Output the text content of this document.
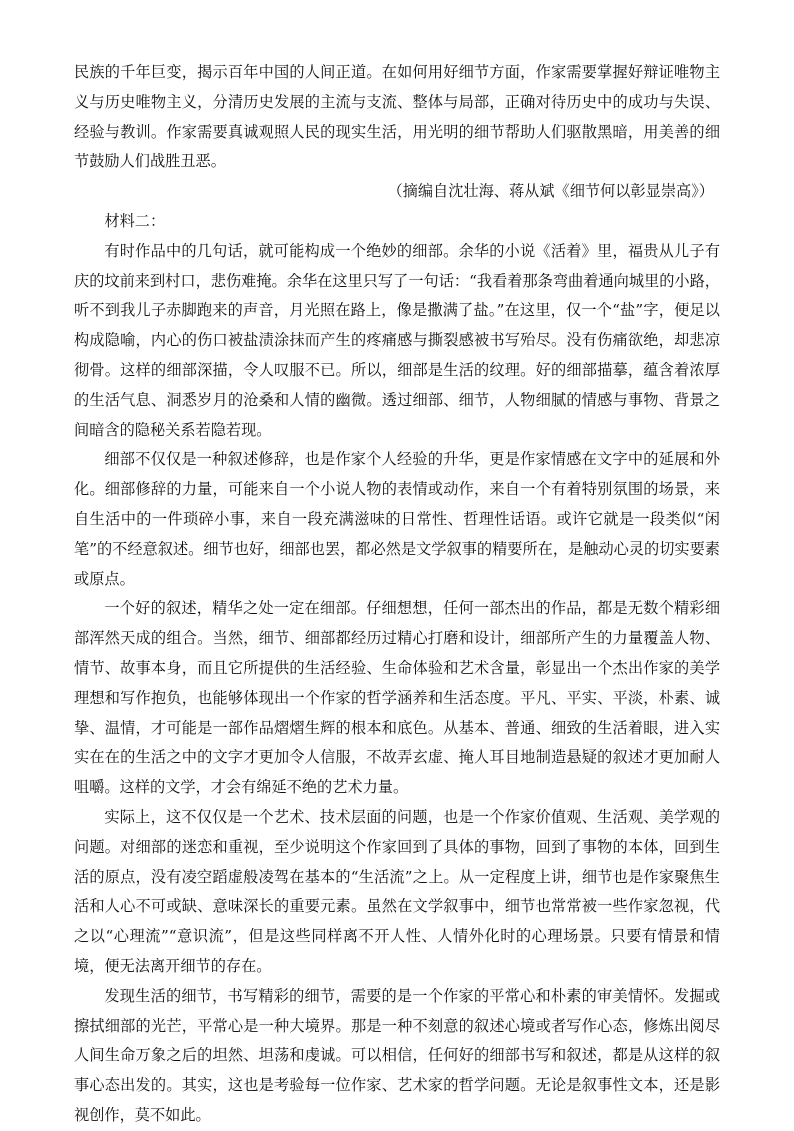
民族的千年巨变，揭示百年中国的人间正道。在如何用好细节方面，作家需要掌握好辩证唯物主义与历史唯物主义，分清历史发展的主流与支流、整体与局部，正确对待历史中的成功与失误、经验与教训。作家需要真诚观照人民的现实生活，用光明的细节帮助人们驱散黑暗，用美善的细节鼓励人们战胜丑恶。

（摘编自沈壮海、蒋从斌《细节何以彰显崇高》）

材料二：

有时作品中的几句话，就可能构成一个绝妙的细部。余华的小说《活着》里，福贵从儿子有庆的坟前来到村口，悲伤难掩。余华在这里只写了一句话：“我看着那条弯曲着通向城里的小路，听不到我儿子赤脚跑来的声音，月光照在路上，像是撒满了盐。”在这里，仅一个“盐”字，便足以构成隐喻，内心的伤口被盐渍涂抹而产生的疼痛感与撕裂感被书写殆尽。没有伤痛欲绝，却悲凉彻骨。这样的细部深描，令人叹服不已。所以，细部是生活的纹理。好的细部描摹，蕴含着浓厚的生活气息、洞悉岁月的沧桑和人情的幽微。透过细部、细节，人物细腻的情感与事物、背景之间暗含的隐秘关系若隐若现。

细部不仅仅是一种叙述修辞，也是作家个人经验的升华，更是作家情感在文字中的延展和外化。细部修辞的力量，可能来自一个小说人物的表情或动作，来自一个有着特别氛围的场景，来自生活中的一件琐碎小事，来自一段充满滋味的日常性、哲理性话语。或许它就是一段类似“闲笔”的不经意叙述。细节也好，细部也罢，都必然是文学叙事的精要所在，是触动心灵的切实要素或原点。

一个好的叙述，精华之处一定在细部。仔细想想，任何一部杰出的作品，都是无数个精彩细部浑然天成的组合。当然，细节、细部都经历过精心打磨和设计，细部所产生的力量覆盖人物、情节、故事本身，而且它所提供的生活经验、生命体验和艺术含量，彰显出一个杰出作家的美学理想和写作抱负，也能够体现出一个作家的哲学涵养和生活态度。平凡、平实、平淡，朴素、诚挚、温情，才可能是一部作品熠熠生辉的根本和底色。从基本、普通、细致的生活着眼，进入实实在在的生活之中的文字才更加令人信服，不故弄玄虚、掩人耳目地制造悬疑的叙述才更加耐人咀嚼。这样的文学，才会有绵延不绝的艺术力量。

实际上，这不仅仅是一个艺术、技术层面的问题，也是一个作家价值观、生活观、美学观的问题。对细部的迷恋和重视，至少说明这个作家回到了具体的事物，回到了事物的本体，回到生活的原点，没有凌空蹈虚般凌驾在基本的“生活流”之上。从一定程度上讲，细节也是作家聚焦生活和人心不可或缺、意味深长的重要元素。虽然在文学叙事中，细节也常常被一些作家忽视，代之以“心理流”“意识流”，但是这些同样离不开人性、人情外化时的心理场景。只要有情景和情境，便无法离开细节的存在。

发现生活的细节，书写精彩的细节，需要的是一个作家的平常心和朴素的审美情怀。发掘或擦拭细部的光芒，平常心是一种大境界。那是一种不刻意的叙述心境或者写作心态，修炼出阅尽人间生命万象之后的坦然、坦荡和虔诚。可以相信，任何好的细部书写和叙述，都是从这样的叙事心态出发的。其实，这也是考验每一位作家、艺术家的哲学问题。无论是叙事性文本，还是影视创作，莫不如此。
